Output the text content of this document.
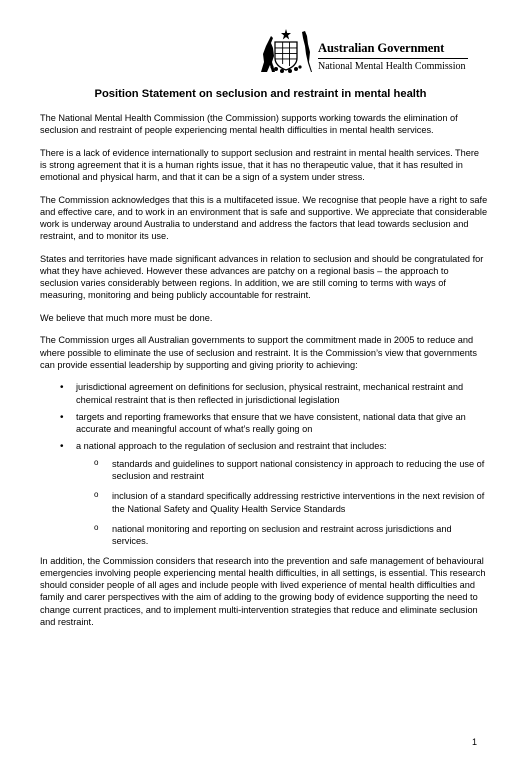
Australian Government
National Mental Health Commission
Position Statement on seclusion and restraint in mental health

The National Mental Health Commission (the Commission) supports working towards the elimination of seclusion and restraint of people experiencing mental health difficulties in mental health services.

There is a lack of evidence internationally to support seclusion and restraint in mental health services. There is strong agreement that it is a human rights issue, that it has no therapeutic value, that it has resulted in emotional and physical harm, and that it can be a sign of a system under stress.

The Commission acknowledges that this is a multifaceted issue. We recognise that people have a right to safe and effective care, and to work in an environment that is safe and supportive. We appreciate that considerable work is underway around Australia to understand and address the factors that lead towards seclusion and restraint, and to monitor its use.

States and territories have made significant advances in relation to seclusion and should be congratulated for what they have achieved. However these advances are patchy on a regional basis – the approach to seclusion varies considerably between regions. In addition, we are still coming to terms with ways of measuring, monitoring and being publicly accountable for restraint.

We believe that much more must be done.

The Commission urges all Australian governments to support the commitment made in 2005 to reduce and where possible to eliminate the use of seclusion and restraint. It is the Commission’s view that governments can provide essential leadership by supporting and giving priority to achieving:

• jurisdictional agreement on definitions for seclusion, physical restraint, mechanical restraint and chemical restraint that is then reflected in jurisdictional legislation
• targets and reporting frameworks that ensure that we have consistent, national data that give an accurate and meaningful account of what’s really going on
• a national approach to the regulation of seclusion and restraint that includes:
o standards and guidelines to support national consistency in approach to reducing the use of seclusion and restraint
o inclusion of a standard specifically addressing restrictive interventions in the next revision of the National Safety and Quality Health Service Standards
o national monitoring and reporting on seclusion and restraint across jurisdictions and services.

In addition, the Commission considers that research into the prevention and safe management of behavioural emergencies involving people experiencing mental health difficulties, in all settings, is essential. This research should consider people of all ages and include people with lived experience of mental health difficulties and family and carer perspectives with the aim of adding to the growing body of evidence supporting the need to change current practices, and to implement multi-intervention strategies that reduce and eliminate seclusion and restraint.

1
